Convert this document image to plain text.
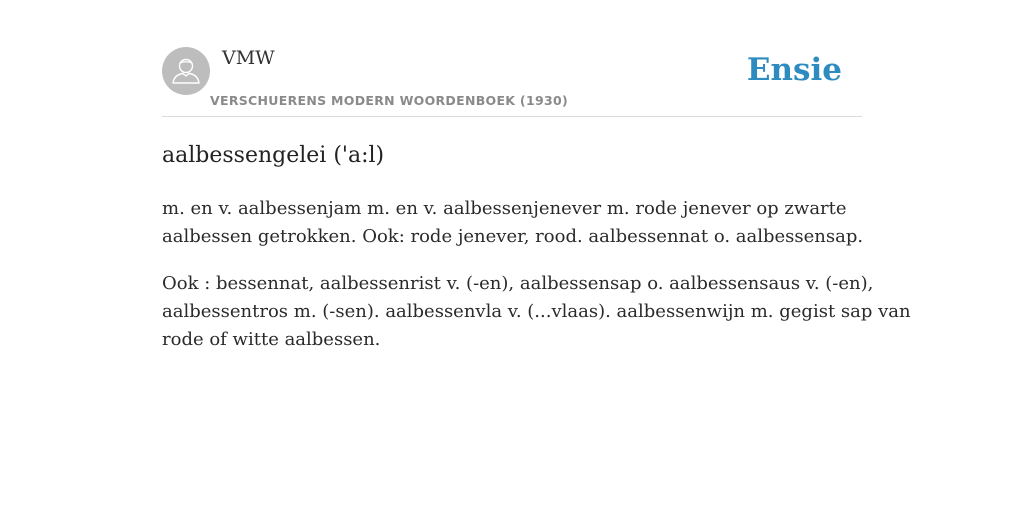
VMW
VERSCHUERENS MODERN WOORDENBOEK (1930)
Ensie
aalbessengelei ('a:l)

m. en v. aalbessenjam m. en v. aalbessenjenever m. rode jenever op zwarte
aalbessen getrokken. Ook: rode jenever, rood. aalbessennat o. aalbessensap.

Ook : bessennat, aalbessenrist v. (-en), aalbessensap o. aalbessensaus v. (-en),
aalbessentros m. (-sen). aalbessenvla v. (...vlaas). aalbessenwijn m. gegist sap van
rode of witte aalbessen.
